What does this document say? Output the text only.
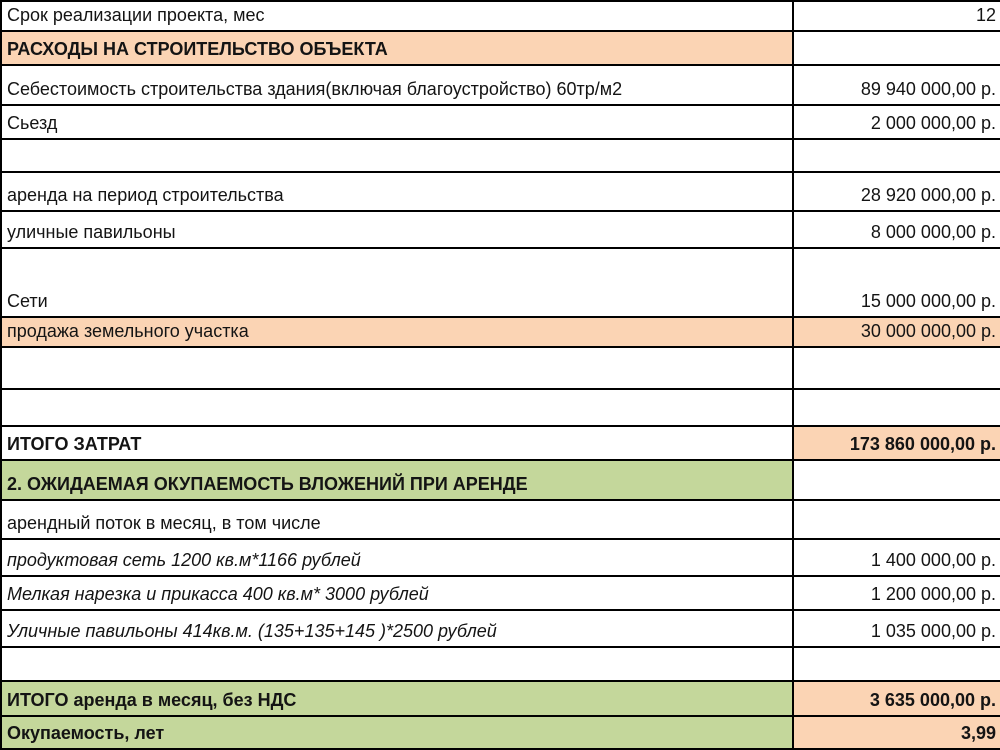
Срок реализации проекта, мес	12
РАСХОДЫ НА СТРОИТЕЛЬСТВО ОБЪЕКТА
Себестоимость строительства здания(включая благоустройство) 60тр/м2	89 940 000,00 р.
Сьезд	2 000 000,00 р.
аренда на период строительства	28 920 000,00 р.
уличные павильоны	8 000 000,00 р.
Сети	15 000 000,00 р.
продажа земельного участка	30 000 000,00 р.
ИТОГО ЗАТРАТ	173 860 000,00 р.
2. ОЖИДАЕМАЯ ОКУПАЕМОСТЬ ВЛОЖЕНИЙ ПРИ АРЕНДЕ
арендный поток в месяц, в том числе
продуктовая сеть 1200 кв.м*1166 рублей	1 400 000,00 р.
Мелкая нарезка и прикасса 400 кв.м* 3000 рублей	1 200 000,00 р.
Уличные павильоны 414кв.м. (135+135+145 )*2500 рублей	1 035 000,00 р.
ИТОГО аренда в месяц, без НДС	3 635 000,00 р.
Окупаемость, лет	3,99
